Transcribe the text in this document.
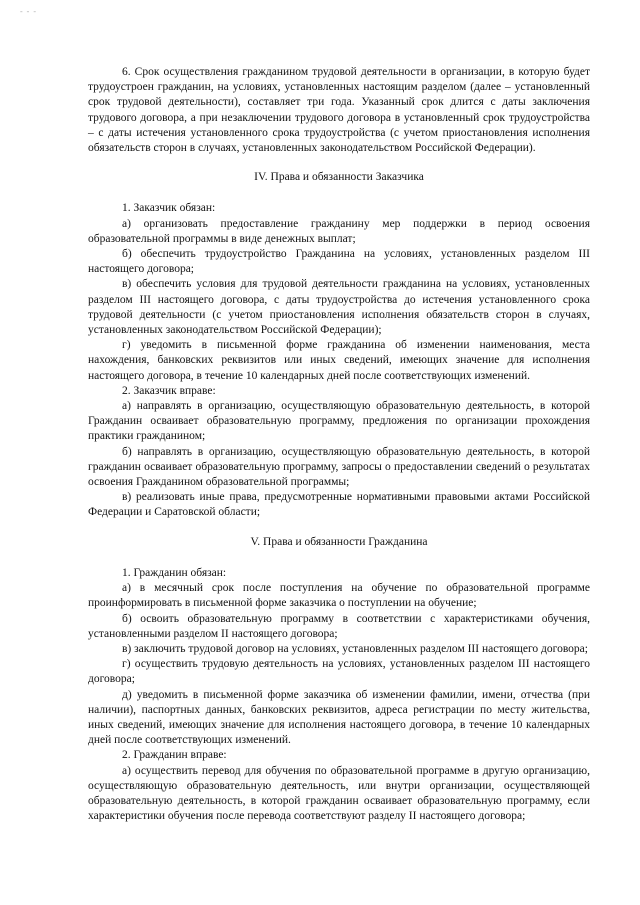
- - -

6. Срок осуществления гражданином трудовой деятельности в организации, в которую будет трудоустроен гражданин, на условиях, установленных настоящим разделом (далее – установленный срок трудовой деятельности), составляет три года. Указанный срок длится с даты заключения трудового договора, а при незаключении трудового договора в установленный срок трудоустройства – с даты истечения установленного срока трудоустройства (с учетом приостановления исполнения обязательств сторон в случаях, установленных законодательством Российской Федерации).

IV. Права и обязанности Заказчика

1. Заказчик обязан:

а) организовать предоставление гражданину мер поддержки в период освоения образовательной программы в виде денежных выплат;

б) обеспечить трудоустройство Гражданина на условиях, установленных разделом III настоящего договора;

в) обеспечить условия для трудовой деятельности гражданина на условиях, установленных разделом III настоящего договора, с даты трудоустройства до истечения установленного срока трудовой деятельности (с учетом приостановления исполнения обязательств сторон в случаях, установленных законодательством Российской Федерации);

г) уведомить в письменной форме гражданина об изменении наименования, места нахождения, банковских реквизитов или иных сведений, имеющих значение для исполнения настоящего договора, в течение 10 календарных дней после соответствующих изменений.

2. Заказчик вправе:

а) направлять в организацию, осуществляющую образовательную деятельность, в которой Гражданин осваивает образовательную программу, предложения по организации прохождения практики гражданином;

б) направлять в организацию, осуществляющую образовательную деятельность, в которой гражданин осваивает образовательную программу, запросы о предоставлении сведений о результатах освоения Гражданином образовательной программы;

в) реализовать иные права, предусмотренные нормативными правовыми актами Российской Федерации и Саратовской области;

V. Права и обязанности Гражданина

1. Гражданин обязан:

а) в месячный срок после поступления на обучение по образовательной программе проинформировать в письменной форме заказчика о поступлении на обучение;

б) освоить образовательную программу в соответствии с характеристиками обучения, установленными разделом II настоящего договора;

в) заключить трудовой договор на условиях, установленных разделом III настоящего договора;

г) осуществить трудовую деятельность на условиях, установленных разделом III настоящего договора;

д) уведомить в письменной форме заказчика об изменении фамилии, имени, отчества (при наличии), паспортных данных, банковских реквизитов, адреса регистрации по месту жительства, иных сведений, имеющих значение для исполнения настоящего договора, в течение 10 календарных дней после соответствующих изменений.

2. Гражданин вправе:

а) осуществить перевод для обучения по образовательной программе в другую организацию, осуществляющую образовательную деятельность, или внутри организации, осуществляющей образовательную деятельность, в которой гражданин осваивает образовательную программу, если характеристики обучения после перевода соответствуют разделу II настоящего договора;
